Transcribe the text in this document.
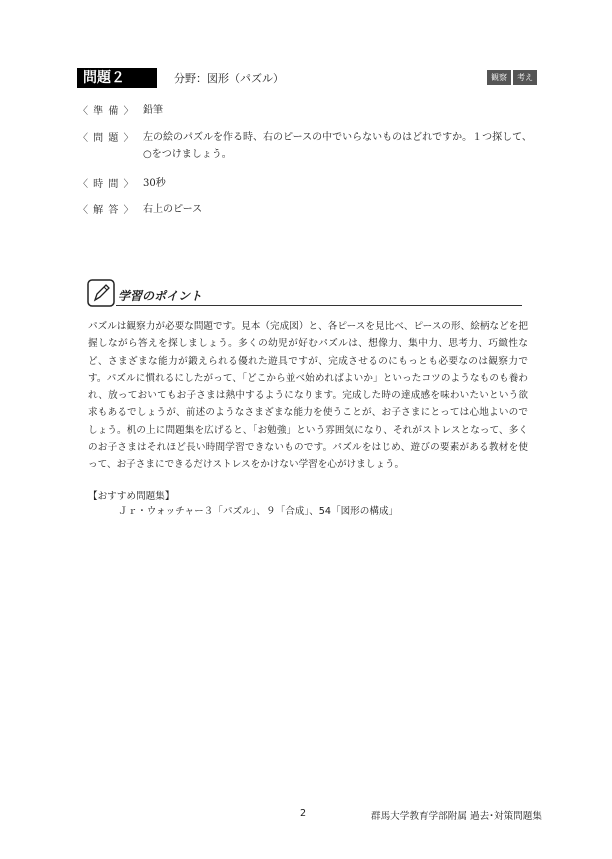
問題２	分野：図形（パズル）	観察	考え
〈 準 備 〉 鉛筆
〈 問 題 〉 左の絵のパズルを作る時、右のピースの中でいらないものはどれですか。１つ探して、○をつけましょう。
〈 時 間 〉 30秒
〈 解 答 〉 右上のピース
学習のポイント
パズルは観察力が必要な問題です。見本（完成図）と、各ピースを見比べ、ピースの形、絵柄などを把握しながら答えを探しましょう。多くの幼児が好むパズルは、想像力、集中力、思考力、巧緻性など、さまざまな能力が鍛えられる優れた遊具ですが、完成させるのにもっとも必要なのは観察力です。パズルに慣れるにしたがって、「どこから並べ始めればよいか」といったコツのようなものも養われ、放っておいてもお子さまは熱中するようになります。完成した時の達成感を味わいたいという欲求もあるでしょうが、前述のようなさまざまな能力を使うことが、お子さまにとっては心地よいのでしょう。机の上に問題集を広げると、「お勉強」という雰囲気になり、それがストレスとなって、多くのお子さまはそれほど長い時間学習できないものです。パズルをはじめ、遊びの要素がある教材を使って、お子さまにできるだけストレスをかけない学習を心がけましょう。
【おすすめ問題集】
Ｊｒ・ウォッチャー３「パズル」、９「合成」、54「図形の構成」
2	群馬大学教育学部附属 過去･対策問題集
